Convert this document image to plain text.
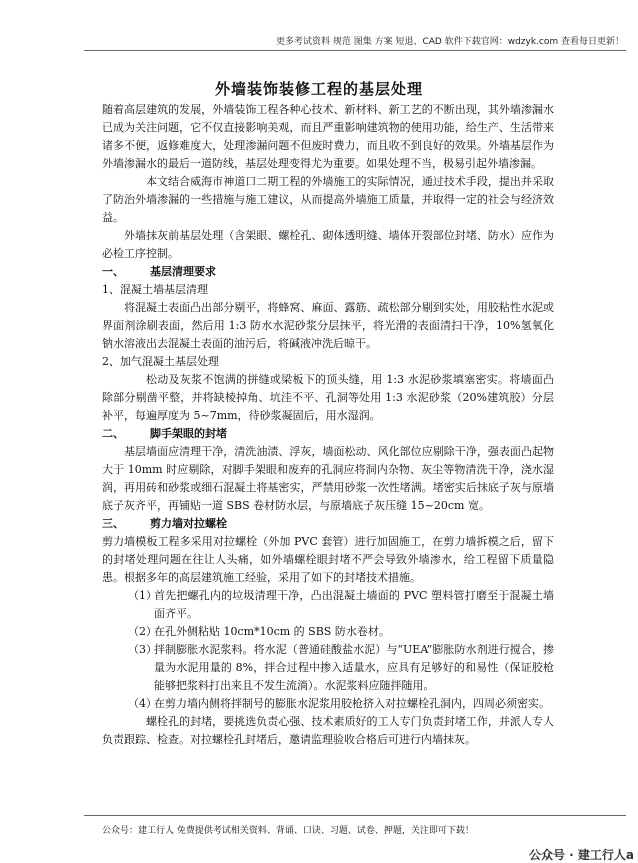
更多考试资料 规范 图集 方案 短退、CAD 软件下载官网：wdzyk.com 查看每日更新！
外墙装饰装修工程的基层处理

随着高层建筑的发展，外墙装饰工程各种心技术、新材料、新工艺的不断出现，其外墙渗漏水已成为关注问题，它不仅直接影响美观，而且严重影响建筑物的使用功能，给生产、生活带来诸多不便，返修难度大，处理渗漏问题不但废时费力，而且收不到良好的效果。外墙基层作为外墙渗漏水的最后一道防线，基层处理变得尤为重要。如果处理不当，极易引起外墙渗漏。

本文结合威海市神道口二期工程的外墙施工的实际情况，通过技术手段，提出并采取了防治外墙渗漏的一些措施与施工建议，从而提高外墙施工质量，并取得一定的社会与经济效益。

外墙抹灰前基层处理（含架眼、螺栓孔、砌体透明缝、墙体开裂部位封堵、防水）应作为必检工序控制。

一、 基层清理要求

1、混凝土墙基层清理

将混凝土表面凸出部分剔平，将蜂窝、麻面、露筋、疏松部分剔到实处，用胶粘性水泥或界面剂涂刷表面，然后用 1:3 防水水泥砂浆分层抹平，将光滑的表面清扫干净，10%氢氧化钠水溶液出去混凝土表面的油污后，将碱液冲洗后晾干。

2、加气混凝土基层处理

松动及灰浆不饱满的拼缝或梁板下的顶头缝，用 1:3 水泥砂浆填塞密实。将墙面凸除部分剔凿平整，并将缺棱掉角、坑洼不平、孔洞等处用 1:3 水泥砂浆（20%建筑胶）分层补平，每遍厚度为 5~7mm，待砂浆凝固后，用水湿润。

二、 脚手架眼的封堵

基层墙面应清理干净，清洗油渍、浮灰，墙面松动、风化部位应剔除干净，强表面凸起物大于 10mm 时应剔除，对脚手架眼和废弃的孔洞应将洞内杂物、灰尘等物清洗干净，浇水湿润，再用砖和砂浆或细石混凝土将基密实，严禁用砂浆一次性堵满。堵密实后抹底子灰与原墙底子灰齐平，再铺贴一道 SBS 卷材防水层，与原墙底子灰压缝 15~20cm 宽。

三、 剪力墙对拉螺栓

剪力墙模板工程多采用对拉螺栓（外加 PVC 套管）进行加固施工，在剪力墙拆模之后，留下的封堵处理问题在往让人头痛，如外墙螺栓眼封堵不严会导致外墙渗水，给工程留下质量隐患。根据多年的高层建筑施工经验，采用了如下的封堵技术措施。

（1）
首先把螺孔内的垃圾清理干净，凸出混凝土墙面的 PVC 塑料管打磨至于混凝土墙面齐平。

（2）
在孔外侧粘贴 10cm*10cm 的 SBS 防水卷材。

（3）
拌制膨胀水泥浆料。将水泥（普通硅酸盐水泥）与“UEA”膨胀防水剂进行搅合，掺量为水泥用量的 8%，拌合过程中掺入适量水，应具有足够好的和易性（保证胶枪能够把浆料打出来且不发生流淌）。水泥浆料应随拌随用。

（4）
在剪力墙内侧将拌制号的膨胀水泥浆用胶枪挤入对拉螺栓孔洞内，四周必须密实。

螺栓孔的封堵，要挑选负责心强、技术素质好的工人专门负责封堵工作，并派人专人负责跟踪、检查。对拉螺栓孔封堵后，邀请监理验收合格后可进行内墙抹灰。

公众号：建工行人 免费提供考试相关资料、背诵、口诀、习题、试卷、押题，关注即可下载！
公众号 · 建工行人a
